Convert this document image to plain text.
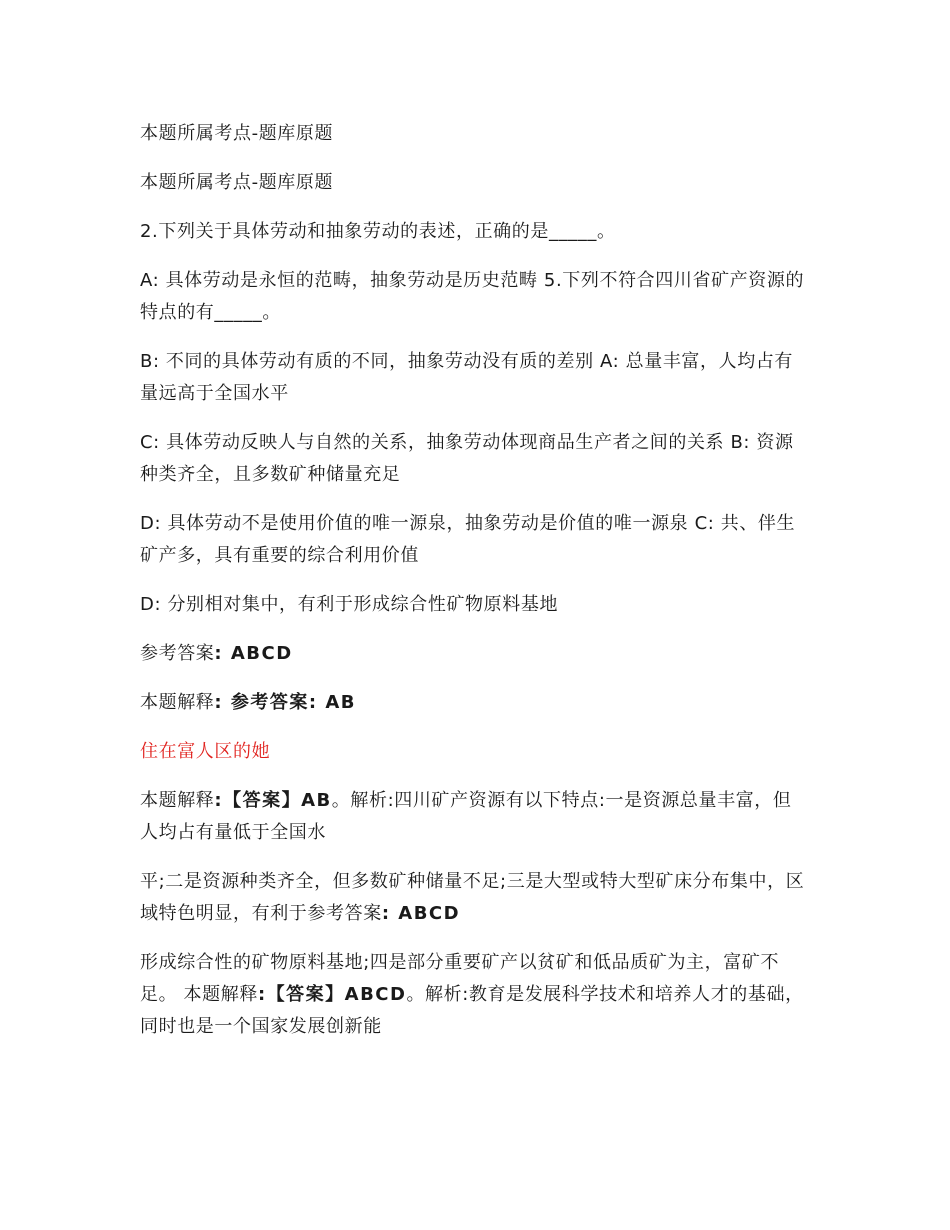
本题所属考点-题库原题

本题所属考点-题库原题

2.下列关于具体劳动和抽象劳动的表述，正确的是_____。

A: 具体劳动是永恒的范畴，抽象劳动是历史范畴 5.下列不符合四川省矿产资源的特点的有_____。

B: 不同的具体劳动有质的不同，抽象劳动没有质的差别 A: 总量丰富，人均占有量远高于全国水平

C: 具体劳动反映人与自然的关系，抽象劳动体现商品生产者之间的关系 B: 资源种类齐全，且多数矿种储量充足

D: 具体劳动不是使用价值的唯一源泉，抽象劳动是价值的唯一源泉 C: 共、伴生矿产多，具有重要的综合利用价值

D: 分别相对集中，有利于形成综合性矿物原料基地

参考答案: ABCD

本题解释: 参考答案: AB

住在富人区的她

本题解释:【答案】AB。解析:四川矿产资源有以下特点:一是资源总量丰富，但人均占有量低于全国水

平;二是资源种类齐全，但多数矿种储量不足;三是大型或特大型矿床分布集中，区域特色明显，有利于参考答案: ABCD

形成综合性的矿物原料基地;四是部分重要矿产以贫矿和低品质矿为主，富矿不足。 本题解释:【答案】ABCD。解析:教育是发展科学技术和培养人才的基础，同时也是一个国家发展创新能
